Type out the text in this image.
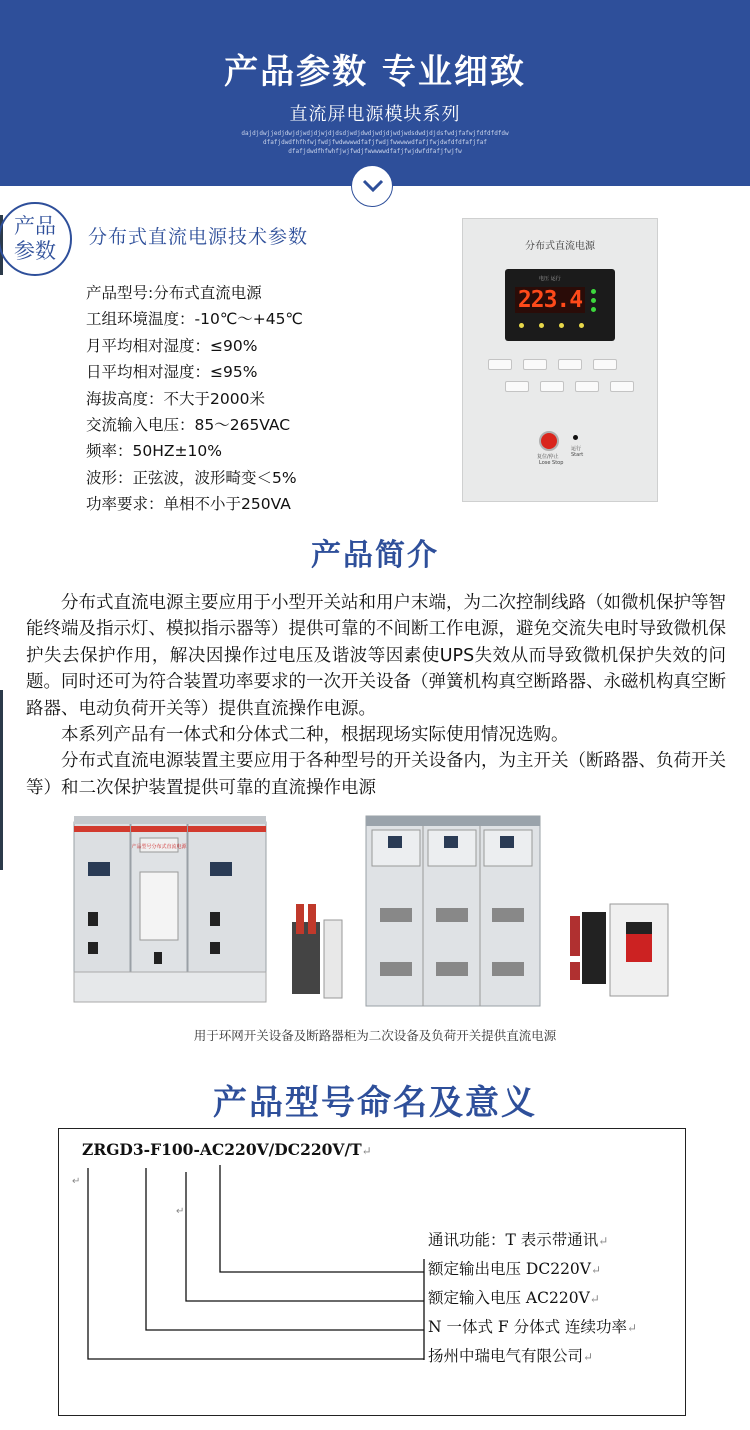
产品参数 专业细致
直流屏电源模块系列
dajdjdwjjedjdwjdjwdjdjwjdjdsdjwdjdwdjwdjdjwdjwdsdwdjdjdsfwdjfafwjfdfdfdfdw
dfafjdwdfhfhfwjfwdjfwdwwwwdfafjfwdjfwwwwwdfafjfwjdwfdfdfafjfaf
dfafjdwdfhfwhfjwjfwdjfwwwwwdfafjfwjdwfdfafjfwjfw
产品
参数
分布式直流电源技术参数
产品型号:分布式直流电源
工组环境温度：-10℃～+45℃
月平均相对湿度：≤90%
日平均相对湿度：≤95%
海拔高度：不大于2000米
交流输入电压：85～265VAC
频率：50HZ±10%
波形：正弦波，波形畸变＜5%
功率要求：单相不小于250VA
分布式直流电源
电压 运行
223.4
复位/停止
Lose Stop
运行
Start
产品简介

分布式直流电源主要应用于小型开关站和用户末端，为二次控制线路（如微机保护等智能终端及指示灯、模拟指示器等）提供可靠的不间断工作电源，避免交流失电时导致微机保护失去保护作用，解决因操作过电压及谐波等因素使UPS失效从而导致微机保护失效的问题。同时还可为符合装置功率要求的一次开关设备（弹簧机构真空断路器、永磁机构真空断路器、电动负荷开关等）提供直流操作电源。

本系列产品有一体式和分体式二种，根据现场实际使用情况选购。

分布式直流电源装置主要应用于各种型号的开关设备内，为主开关（断路器、负荷开关等）和二次保护装置提供可靠的直流操作电源

产品型号分布式直流电源
用于环网开关设备及断路器柜为二次设备及负荷开关提供直流电源
产品型号命名及意义
ZRGD3-F100-AC220V/DC220V/T↵
↵
↵
通讯功能：T 表示带通讯↵
额定输出电压 DC220V↵
额定输入电压 AC220V↵
N 一体式 F 分体式 连续功率↵
扬州中瑞电气有限公司↵
